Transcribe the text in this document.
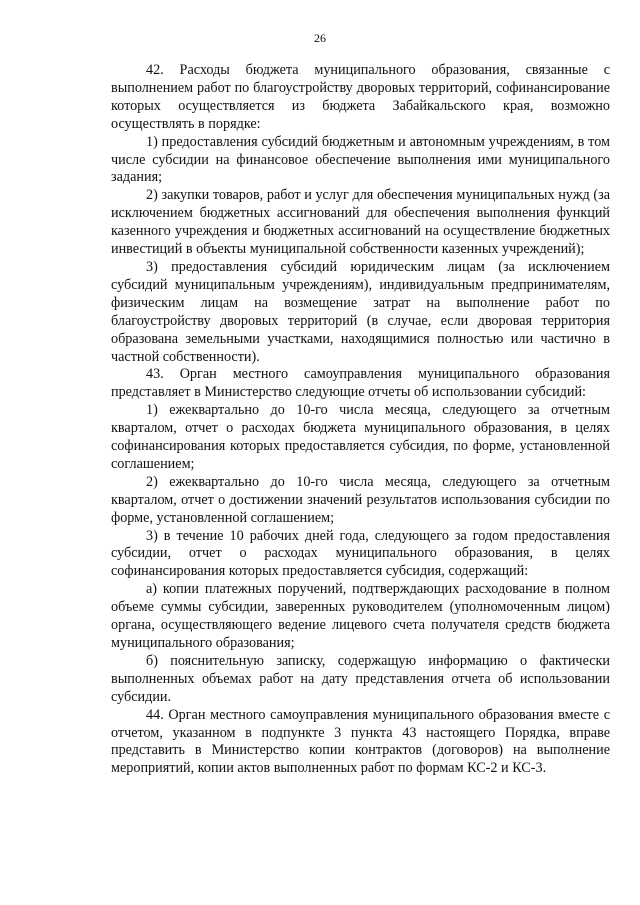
26

42. Расходы бюджета муниципального образования, связанные с выполнением работ по благоустройству дворовых территорий, софинансирование которых осуществляется из бюджета Забайкальского края, возможно осуществлять в порядке:

1) предоставления субсидий бюджетным и автономным учреждениям, в том числе субсидии на финансовое обеспечение выполнения ими муниципального задания;

2) закупки товаров, работ и услуг для обеспечения муниципальных нужд (за исключением бюджетных ассигнований для обеспечения выполнения функций казенного учреждения и бюджетных ассигнований на осуществление бюджетных инвестиций в объекты муниципальной собственности казенных учреждений);

3) предоставления субсидий юридическим лицам (за исключением субсидий муниципальным учреждениям), индивидуальным предпринимателям, физическим лицам на возмещение затрат на выполнение работ по благоустройству дворовых территорий (в случае, если дворовая территория образована земельными участками, находящимися полностью или частично в частной собственности).

43. Орган местного самоуправления муниципального образования представляет в Министерство следующие отчеты об использовании субсидий:

1) ежеквартально до 10-го числа месяца, следующего за отчетным кварталом, отчет о расходах бюджета муниципального образования, в целях софинансирования которых предоставляется субсидия, по форме, установленной соглашением;

2) ежеквартально до 10-го числа месяца, следующего за отчетным кварталом, отчет о достижении значений результатов использования субсидии по форме, установленной соглашением;

3) в течение 10 рабочих дней года, следующего за годом предоставления субсидии, отчет о расходах муниципального образования, в целях софинансирования которых предоставляется субсидия, содержащий:

а) копии платежных поручений, подтверждающих расходование в полном объеме суммы субсидии, заверенных руководителем (уполномоченным лицом) органа, осуществляющего ведение лицевого счета получателя средств бюджета муниципального образования;

б) пояснительную записку, содержащую информацию о фактически выполненных объемах работ на дату представления отчета об использовании субсидии.

44. Орган местного самоуправления муниципального образования вместе с отчетом, указанном в подпункте 3 пункта 43 настоящего Порядка, вправе представить в Министерство копии контрактов (договоров) на выполнение мероприятий, копии актов выполненных работ по формам КС-2 и КС-3.
